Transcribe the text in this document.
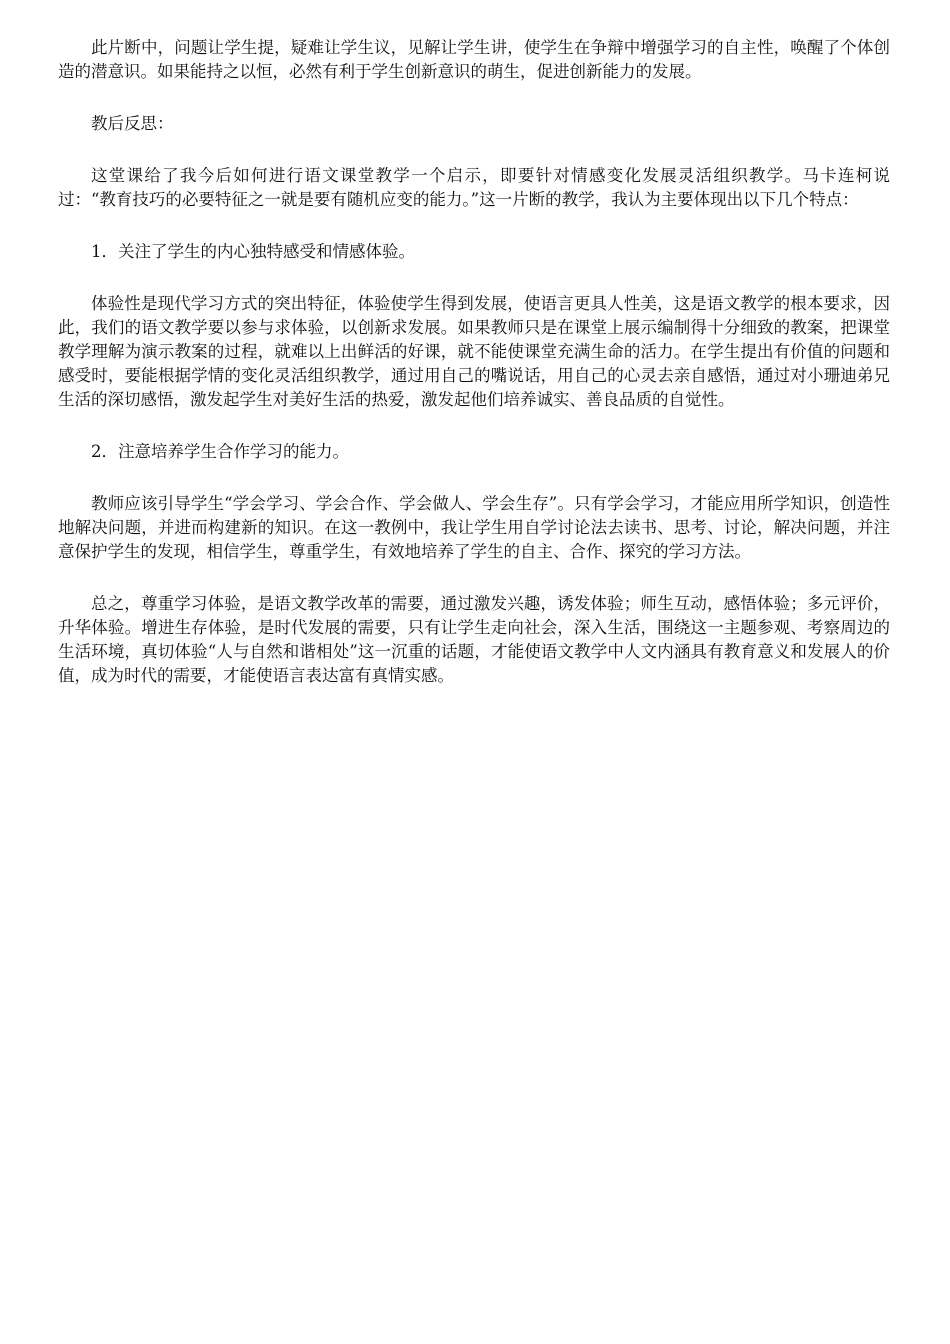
此片断中，问题让学生提，疑难让学生议，见解让学生讲，使学生在争辩中增强学习的自主性，唤醒了个体创造的潜意识。如果能持之以恒，必然有利于学生创新意识的萌生，促进创新能力的发展。

教后反思：

这堂课给了我今后如何进行语文课堂教学一个启示，即要针对情感变化发展灵活组织教学。马卡连柯说过：“教育技巧的必要特征之一就是要有随机应变的能力。”这一片断的教学，我认为主要体现出以下几个特点：

1．关注了学生的内心独特感受和情感体验。

体验性是现代学习方式的突出特征，体验使学生得到发展，使语言更具人性美，这是语文教学的根本要求，因此，我们的语文教学要以参与求体验，以创新求发展。如果教师只是在课堂上展示编制得十分细致的教案，把课堂教学理解为演示教案的过程，就难以上出鲜活的好课，就不能使课堂充满生命的活力。在学生提出有价值的问题和感受时，要能根据学情的变化灵活组织教学，通过用自己的嘴说话，用自己的心灵去亲自感悟，通过对小珊迪弟兄生活的深切感悟，激发起学生对美好生活的热爱，激发起他们培养诚实、善良品质的自觉性。

2．注意培养学生合作学习的能力。

教师应该引导学生“学会学习、学会合作、学会做人、学会生存”。只有学会学习，才能应用所学知识，创造性地解决问题，并进而构建新的知识。在这一教例中，我让学生用自学讨论法去读书、思考、讨论，解决问题，并注意保护学生的发现，相信学生，尊重学生，有效地培养了学生的自主、合作、探究的学习方法。

总之，尊重学习体验，是语文教学改革的需要，通过激发兴趣，诱发体验；师生互动，感悟体验；多元评价，升华体验。增进生存体验，是时代发展的需要，只有让学生走向社会，深入生活，围绕这一主题参观、考察周边的生活环境，真切体验“人与自然和谐相处”这一沉重的话题，才能使语文教学中人文内涵具有教育意义和发展人的价值，成为时代的需要，才能使语言表达富有真情实感。
